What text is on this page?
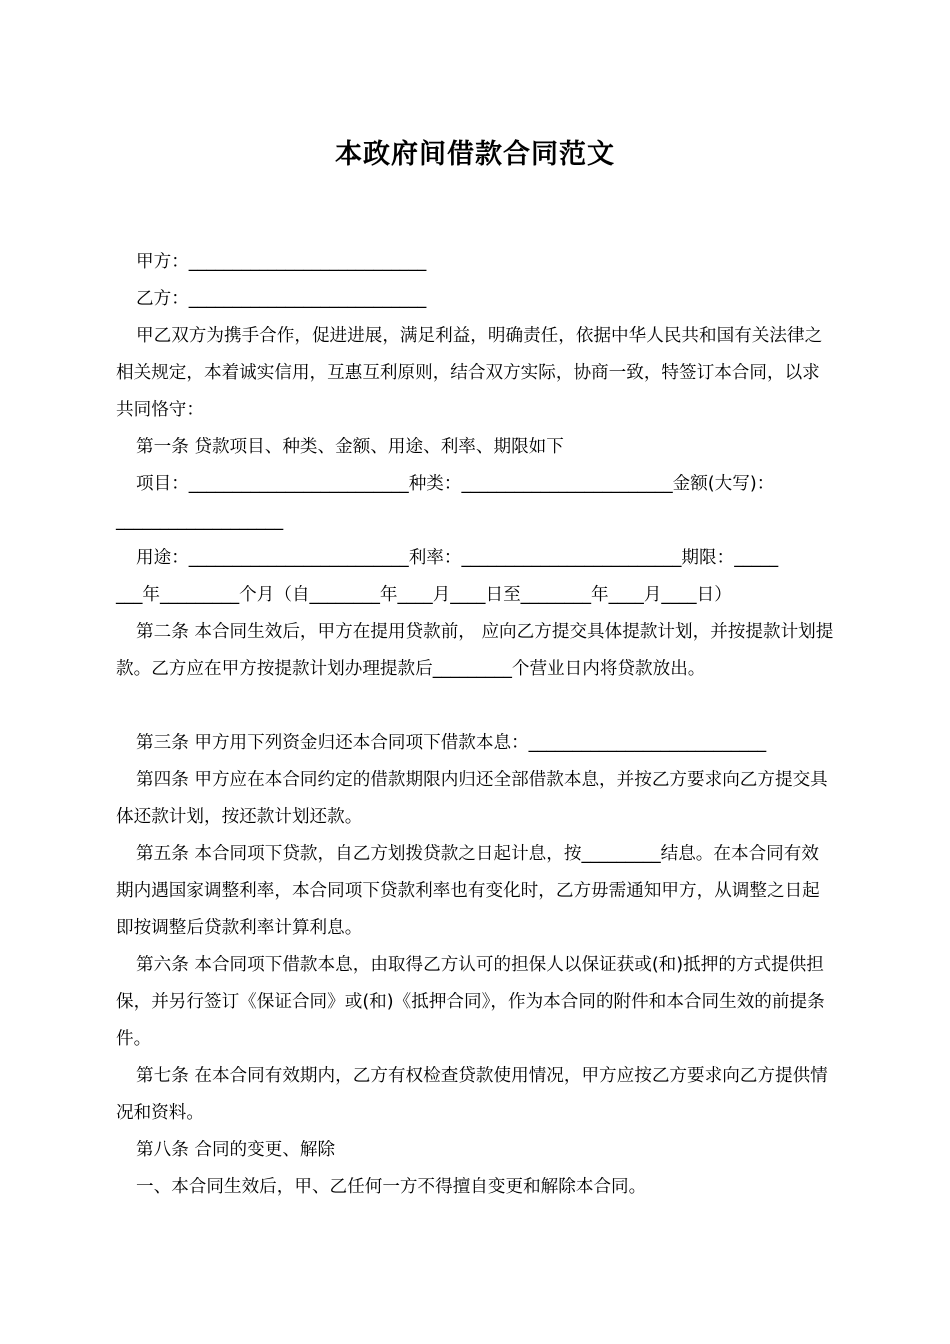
本政府间借款合同范文

甲方：___________________________

乙方：___________________________

甲乙双方为携手合作，促进进展，满足利益，明确责任，依据中华人民共和国有关法律之相关规定，本着诚实信用，互惠互利原则，结合双方实际，协商一致，特签订本合同，以求共同恪守：

第一条 贷款项目、种类、金额、用途、利率、期限如下

项目：_________________________种类：________________________金额(大写)：

___________________

用途：_________________________利率：_________________________期限：_____

___年_________个月（自________年____月____日至________年____月____日）

第二条 本合同生效后，甲方在提用贷款前， 应向乙方提交具体提款计划，并按提款计划提款。乙方应在甲方按提款计划办理提款后_________个营业日内将贷款放出。

第三条 甲方用下列资金归还本合同项下借款本息：___________________________

第四条 甲方应在本合同约定的借款期限内归还全部借款本息，并按乙方要求向乙方提交具体还款计划，按还款计划还款。

第五条 本合同项下贷款，自乙方划拨贷款之日起计息，按_________结息。在本合同有效期内遇国家调整利率，本合同项下贷款利率也有变化时，乙方毋需通知甲方，从调整之日起即按调整后贷款利率计算利息。

第六条 本合同项下借款本息，由取得乙方认可的担保人以保证获或(和)抵押的方式提供担保，并另行签订《保证合同》或(和)《抵押合同》，作为本合同的附件和本合同生效的前提条件。

第七条 在本合同有效期内，乙方有权检查贷款使用情况，甲方应按乙方要求向乙方提供情况和资料。

第八条 合同的变更、解除

一、本合同生效后，甲、乙任何一方不得擅自变更和解除本合同。
